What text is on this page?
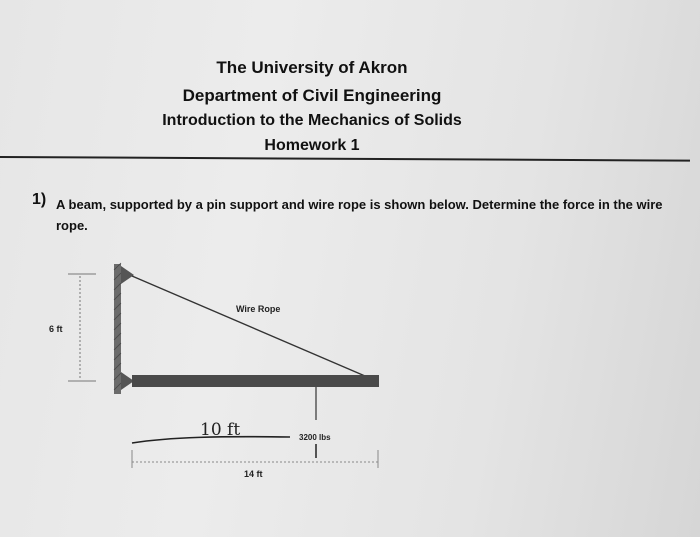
The University of Akron
Department of Civil Engineering
Introduction to the Mechanics of Solids
Homework 1
1) A beam, supported by a pin support and wire rope is shown below. Determine the force in the wire rope.
Wire Rope
6 ft
10 ft	3200 lbs
14 ft
